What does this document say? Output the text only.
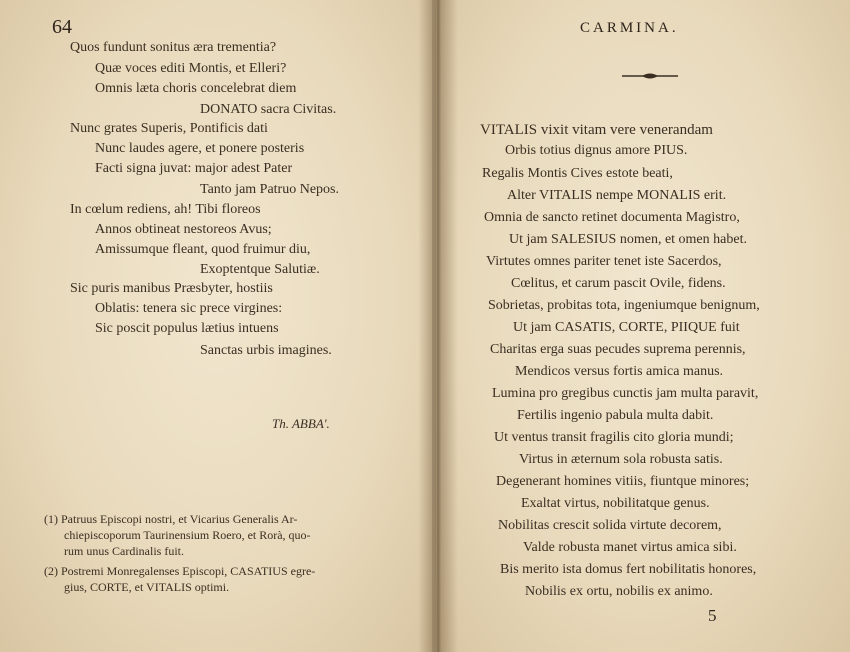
64
Quos fundunt sonitus æra trementia?
Quæ voces editi Montis, et Elleri?
Omnis læta choris concelebrat diem
DONATO sacra Civitas.
Nunc grates Superis, Pontificis dati
Nunc laudes agere, et ponere posteris
Facti signa juvat: major adest Pater
Tanto jam Patruo Nepos.
In cœlum rediens, ah! Tibi floreos
Annos obtineat nestoreos Avus;
Amissumque fleant, quod fruimur diu,
Exoptentque Salutiæ.
Sic puris manibus Præsbyter, hostiis
Oblatis: tenera sic prece virgines:
Sic poscit populus lætius intuens
Sanctas urbis imagines.
Th. ABBA'.
(1) Patruus Episcopi nostri, et Vicarius Generalis Ar-
chiepiscoporum Taurinensium Roero, et Rorà, quo-
rum unus Cardinalis fuit.
(2) Postremi Monregalenses Episcopi, CASATIUS egre-
gius, CORTE, et VITALIS optimi.
CARMINA.
VITALIS vixit vitam vere venerandam
Orbis totius dignus amore PIUS.
Regalis Montis Cives estote beati,
Alter VITALIS nempe MONALIS erit.
Omnia de sancto retinet documenta Magistro,
Ut jam SALESIUS nomen, et omen habet.
Virtutes omnes pariter tenet iste Sacerdos,
Cœlitus, et carum pascit Ovile, fidens.
Sobrietas, probitas tota, ingeniumque benignum,
Ut jam CASATIS, CORTE, PIIQUE fuit
Charitas erga suas pecudes suprema perennis,
Mendicos versus fortis amica manus.
Lumina pro gregibus cunctis jam multa paravit,
Fertilis ingenio pabula multa dabit.
Ut ventus transit fragilis cito gloria mundi;
Virtus in æternum sola robusta satis.
Degenerant homines vitiis, fiuntque minores;
Exaltat virtus, nobilitatque genus.
Nobilitas crescit solida virtute decorem,
Valde robusta manet virtus amica sibi.
Bis merito ista domus fert nobilitatis honores,
Nobilis ex ortu, nobilis ex animo.
5
